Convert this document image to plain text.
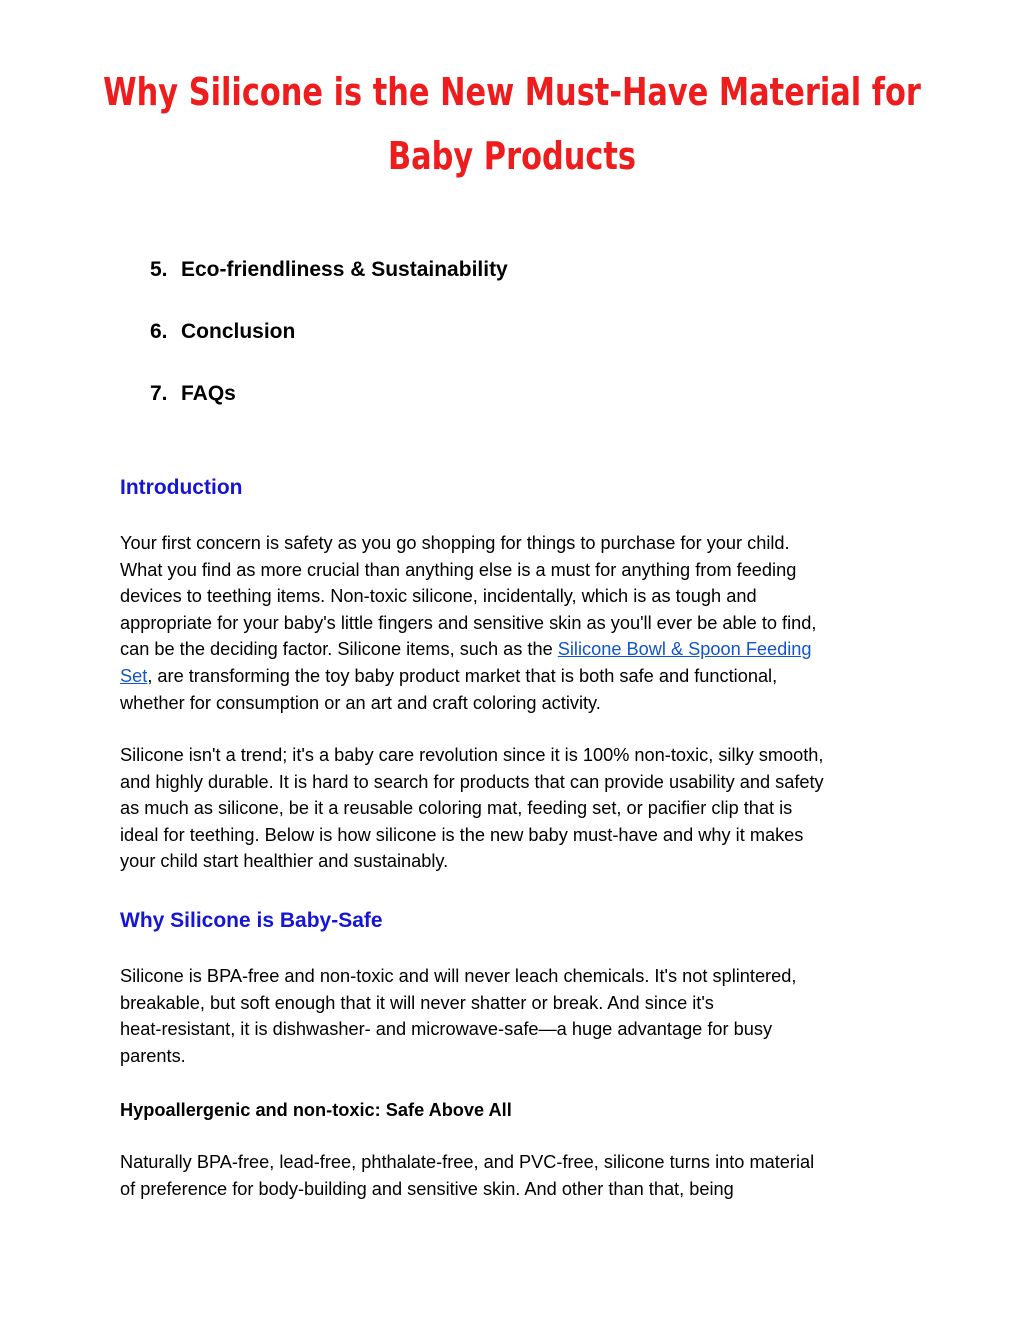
Why Silicone is the New Must-Have Material for
Baby Products
5. Eco-friendliness & Sustainability
6. Conclusion
7. FAQs
Introduction

Your first concern is safety as you go shopping for things to purchase for your child.
What you find as more crucial than anything else is a must for anything from feeding
devices to teething items. Non-toxic silicone, incidentally, which is as tough and
appropriate for your baby's little fingers and sensitive skin as you'll ever be able to find,
can be the deciding factor. Silicone items, such as the Silicone Bowl & Spoon Feeding
Set, are transforming the toy baby product market that is both safe and functional,
whether for consumption or an art and craft coloring activity.

Silicone isn't a trend; it's a baby care revolution since it is 100% non-toxic, silky smooth,
and highly durable. It is hard to search for products that can provide usability and safety
as much as silicone, be it a reusable coloring mat, feeding set, or pacifier clip that is
ideal for teething. Below is how silicone is the new baby must-have and why it makes
your child start healthier and sustainably.

Why Silicone is Baby-Safe

Silicone is BPA-free and non-toxic and will never leach chemicals. It's not splintered,
breakable, but soft enough that it will never shatter or break. And since it's
heat-resistant, it is dishwasher- and microwave-safe—a huge advantage for busy
parents.

Hypoallergenic and non-toxic: Safe Above All

Naturally BPA-free, lead-free, phthalate-free, and PVC-free, silicone turns into material
of preference for body-building and sensitive skin. And other than that, being
